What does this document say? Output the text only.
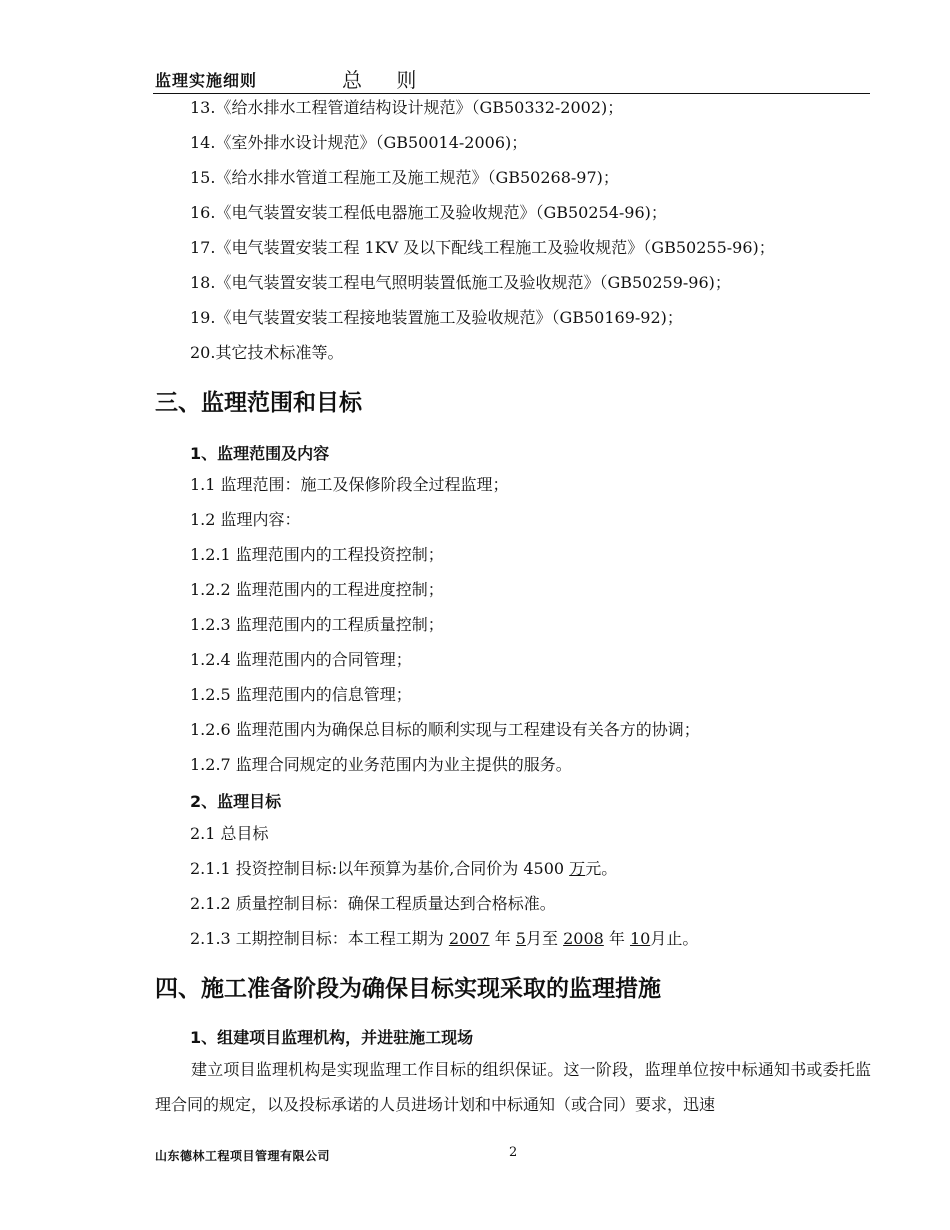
监理实施细则	总 则
13.《给水排水工程管道结构设计规范》（GB50332-2002)；
14.《室外排水设计规范》（GB50014-2006)；
15.《给水排水管道工程施工及施工规范》（GB50268-97)；
16.《电气装置安装工程低电器施工及验收规范》（GB50254-96)；
17.《电气装置安装工程 1KV 及以下配线工程施工及验收规范》（GB50255-96)；
18.《电气装置安装工程电气照明装置低施工及验收规范》（GB50259-96)；
19.《电气装置安装工程接地装置施工及验收规范》（GB50169-92)；
20.其它技术标准等。
三、监理范围和目标
1、监理范围及内容
1.1 监理范围：施工及保修阶段全过程监理；
1.2 监理内容：
1.2.1 监理范围内的工程投资控制；
1.2.2 监理范围内的工程进度控制；
1.2.3 监理范围内的工程质量控制；
1.2.4 监理范围内的合同管理；
1.2.5 监理范围内的信息管理；
1.2.6 监理范围内为确保总目标的顺利实现与工程建设有关各方的协调；
1.2.7 监理合同规定的业务范围内为业主提供的服务。
2、监理目标
2.1 总目标
2.1.1 投资控制目标:以年预算为基价,合同价为 4500 万元。
2.1.2 质量控制目标：确保工程质量达到合格标准。
2.1.3 工期控制目标：本工程工期为 2007 年 5月至 2008 年 10月止。
四、施工准备阶段为确保目标实现采取的监理措施
1、组建项目监理机构，并进驻施工现场
建立项目监理机构是实现监理工作目标的组织保证。这一阶段，监理单位按中标通知书或委托监理合同的规定，以及投标承诺的人员进场计划和中标通知（或合同）要求，迅速
山东德林工程项目管理有限公司	2
